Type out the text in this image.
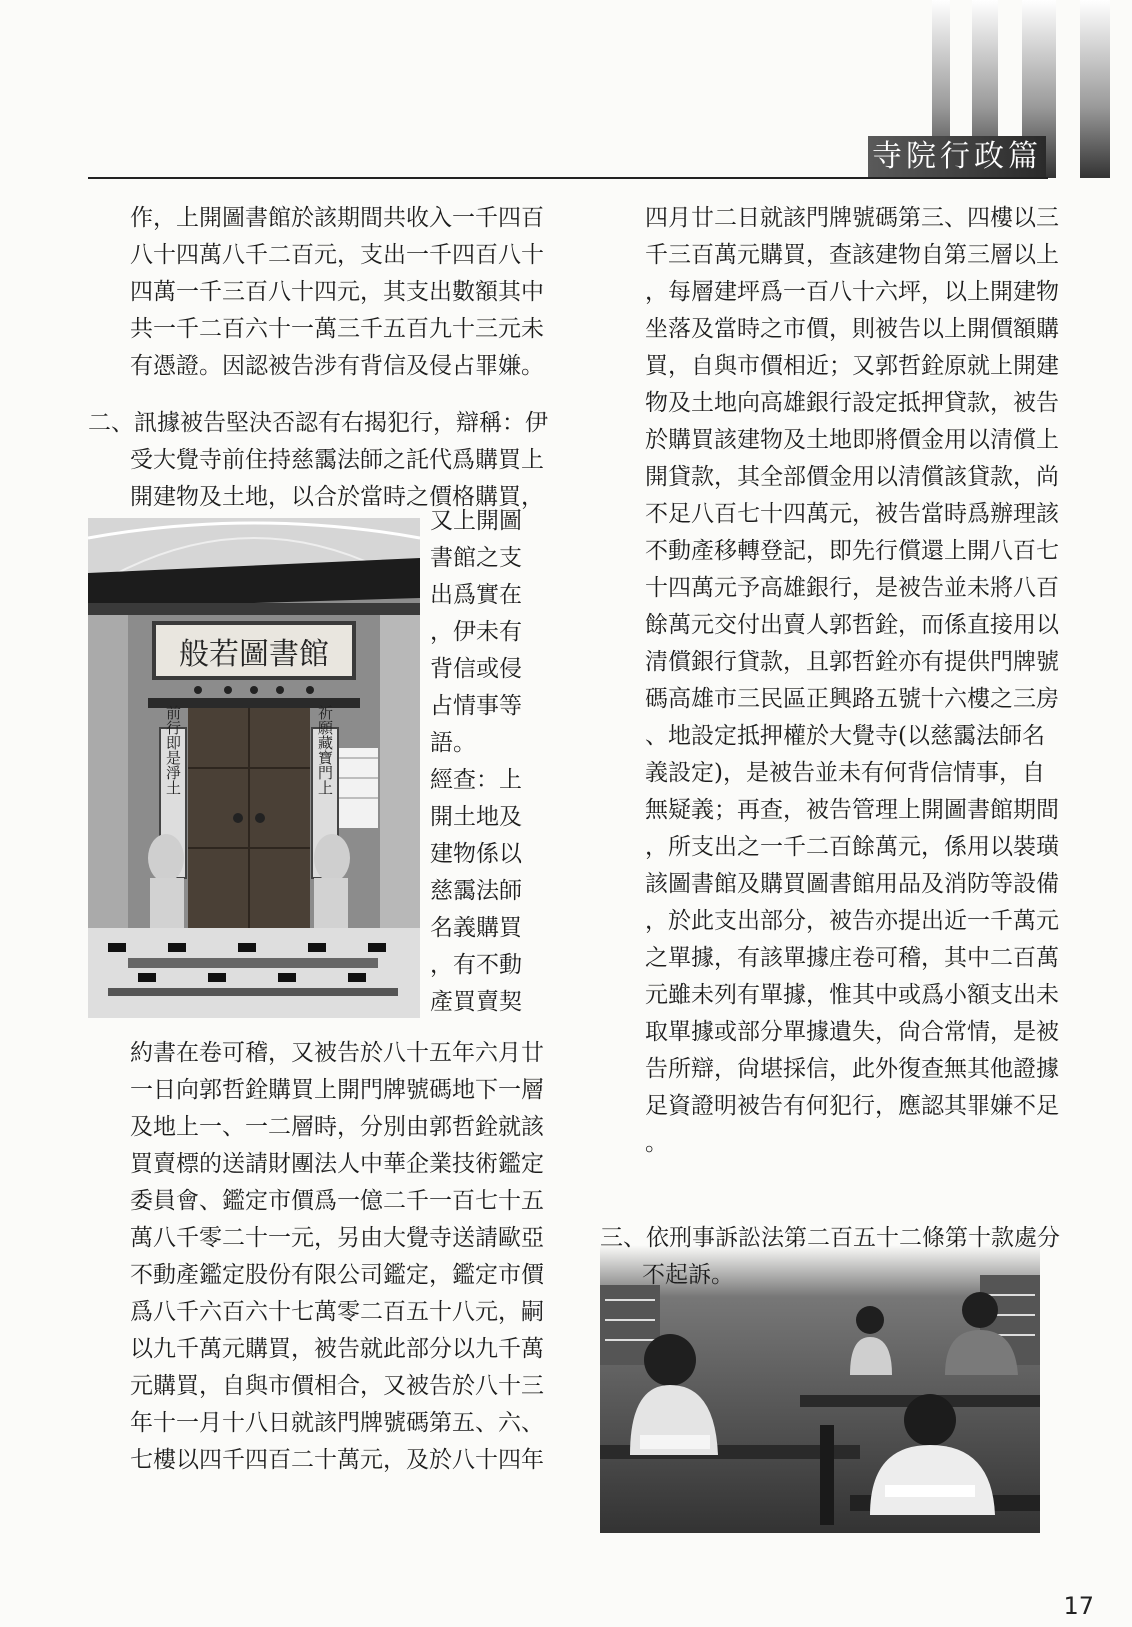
寺院行政篇
作，上開圖書館於該期間共收入一千四百
八十四萬八千二百元，支出一千四百八十
四萬一千三百八十四元，其支出數額其中
共一千二百六十一萬三千五百九十三元未
有憑證。因認被告涉有背信及侵占罪嫌。
二、訊據被告堅決否認有右揭犯行，辯稱：伊
受大覺寺前住持慈靄法師之託代爲購買上
開建物及土地，以合於當時之價格購買，
般若圖書館
前行即是淨土	祈願藏寶門上
又上開圖
書館之支
出爲實在
，伊未有
背信或侵
占情事等
語。
經查：上
開土地及
建物係以
慈靄法師
名義購買
，有不動
產買賣契
約書在卷可稽，又被告於八十五年六月廿
一日向郭哲銓購買上開門牌號碼地下一層
及地上一、一二層時，分別由郭哲銓就該
買賣標的送請財團法人中華企業技術鑑定
委員會、鑑定市價爲一億二千一百七十五
萬八千零二十一元，另由大覺寺送請歐亞
不動產鑑定股份有限公司鑑定，鑑定市價
爲八千六百六十七萬零二百五十八元，嗣
以九千萬元購買，被告就此部分以九千萬
元購買，自與市價相合，又被告於八十三
年十一月十八日就該門牌號碼第五、六、
七樓以四千四百二十萬元，及於八十四年
四月廿二日就該門牌號碼第三、四樓以三
千三百萬元購買，查該建物自第三層以上
，每層建坪爲一百八十六坪，以上開建物
坐落及當時之市價，則被告以上開價額購
買，自與市價相近；又郭哲銓原就上開建
物及土地向高雄銀行設定抵押貸款，被告
於購買該建物及土地即將價金用以清償上
開貸款，其全部價金用以清償該貸款，尚
不足八百七十四萬元，被告當時爲辦理該
不動產移轉登記，即先行償還上開八百七
十四萬元予高雄銀行，是被告並未將八百
餘萬元交付出賣人郭哲銓，而係直接用以
清償銀行貸款，且郭哲銓亦有提供門牌號
碼高雄市三民區正興路五號十六樓之三房
、地設定抵押權於大覺寺(以慈靄法師名
義設定)，是被告並未有何背信情事，自
無疑義；再查，被告管理上開圖書館期間
，所支出之一千二百餘萬元，係用以裝璜
該圖書館及購買圖書館用品及消防等設備
，於此支出部分，被告亦提出近一千萬元
之單據，有該單據庄卷可稽，其中二百萬
元雖未列有單據，惟其中或爲小額支出未
取單據或部分單據遺失，尙合常情，是被
告所辯，尙堪採信，此外復查無其他證據
足資證明被告有何犯行，應認其罪嫌不足
。
三、依刑事訴訟法第二百五十二條第十款處分
不起訴。
17
